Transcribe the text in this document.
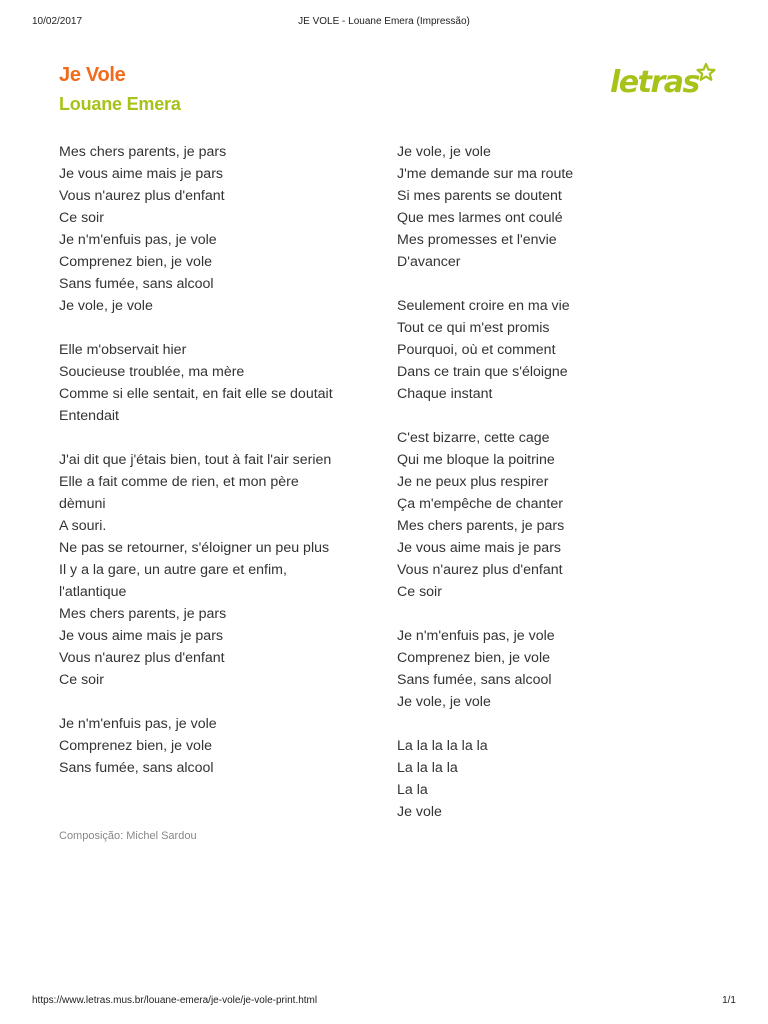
10/02/2017	JE VOLE - Louane Emera (Impressão)
Je Vole
Louane Emera
letras
Mes chers parents, je pars
Je vous aime mais je pars
Vous n'aurez plus d'enfant
Ce soir
Je n'm'enfuis pas, je vole
Comprenez bien, je vole
Sans fumée, sans alcool
Je vole, je vole
Elle m'observait hier
Soucieuse troublée, ma mère
Comme si elle sentait, en fait elle se doutait
Entendait
J'ai dit que j'étais bien, tout à fait l'air serien
Elle a fait comme de rien, et mon père
dèmuni
A souri.
Ne pas se retourner, s'éloigner un peu plus
Il y a la gare, un autre gare et enfim,
l'atlantique
Mes chers parents, je pars
Je vous aime mais je pars
Vous n'aurez plus d'enfant
Ce soir
Je n'm'enfuis pas, je vole
Comprenez bien, je vole
Sans fumée, sans alcool
Je vole, je vole
J'me demande sur ma route
Si mes parents se doutent
Que mes larmes ont coulé
Mes promesses et l'envie
D'avancer
Seulement croire en ma vie
Tout ce qui m'est promis
Pourquoi, où et comment
Dans ce train que s'éloigne
Chaque instant
C'est bizarre, cette cage
Qui me bloque la poitrine
Je ne peux plus respirer
Ça m'empêche de chanter
Mes chers parents, je pars
Je vous aime mais je pars
Vous n'aurez plus d'enfant
Ce soir
Je n'm'enfuis pas, je vole
Comprenez bien, je vole
Sans fumée, sans alcool
Je vole, je vole
La la la la la la
La la la la
La la
Je vole
Composição: Michel Sardou
https://www.letras.mus.br/louane-emera/je-vole/je-vole-print.html	1/1
